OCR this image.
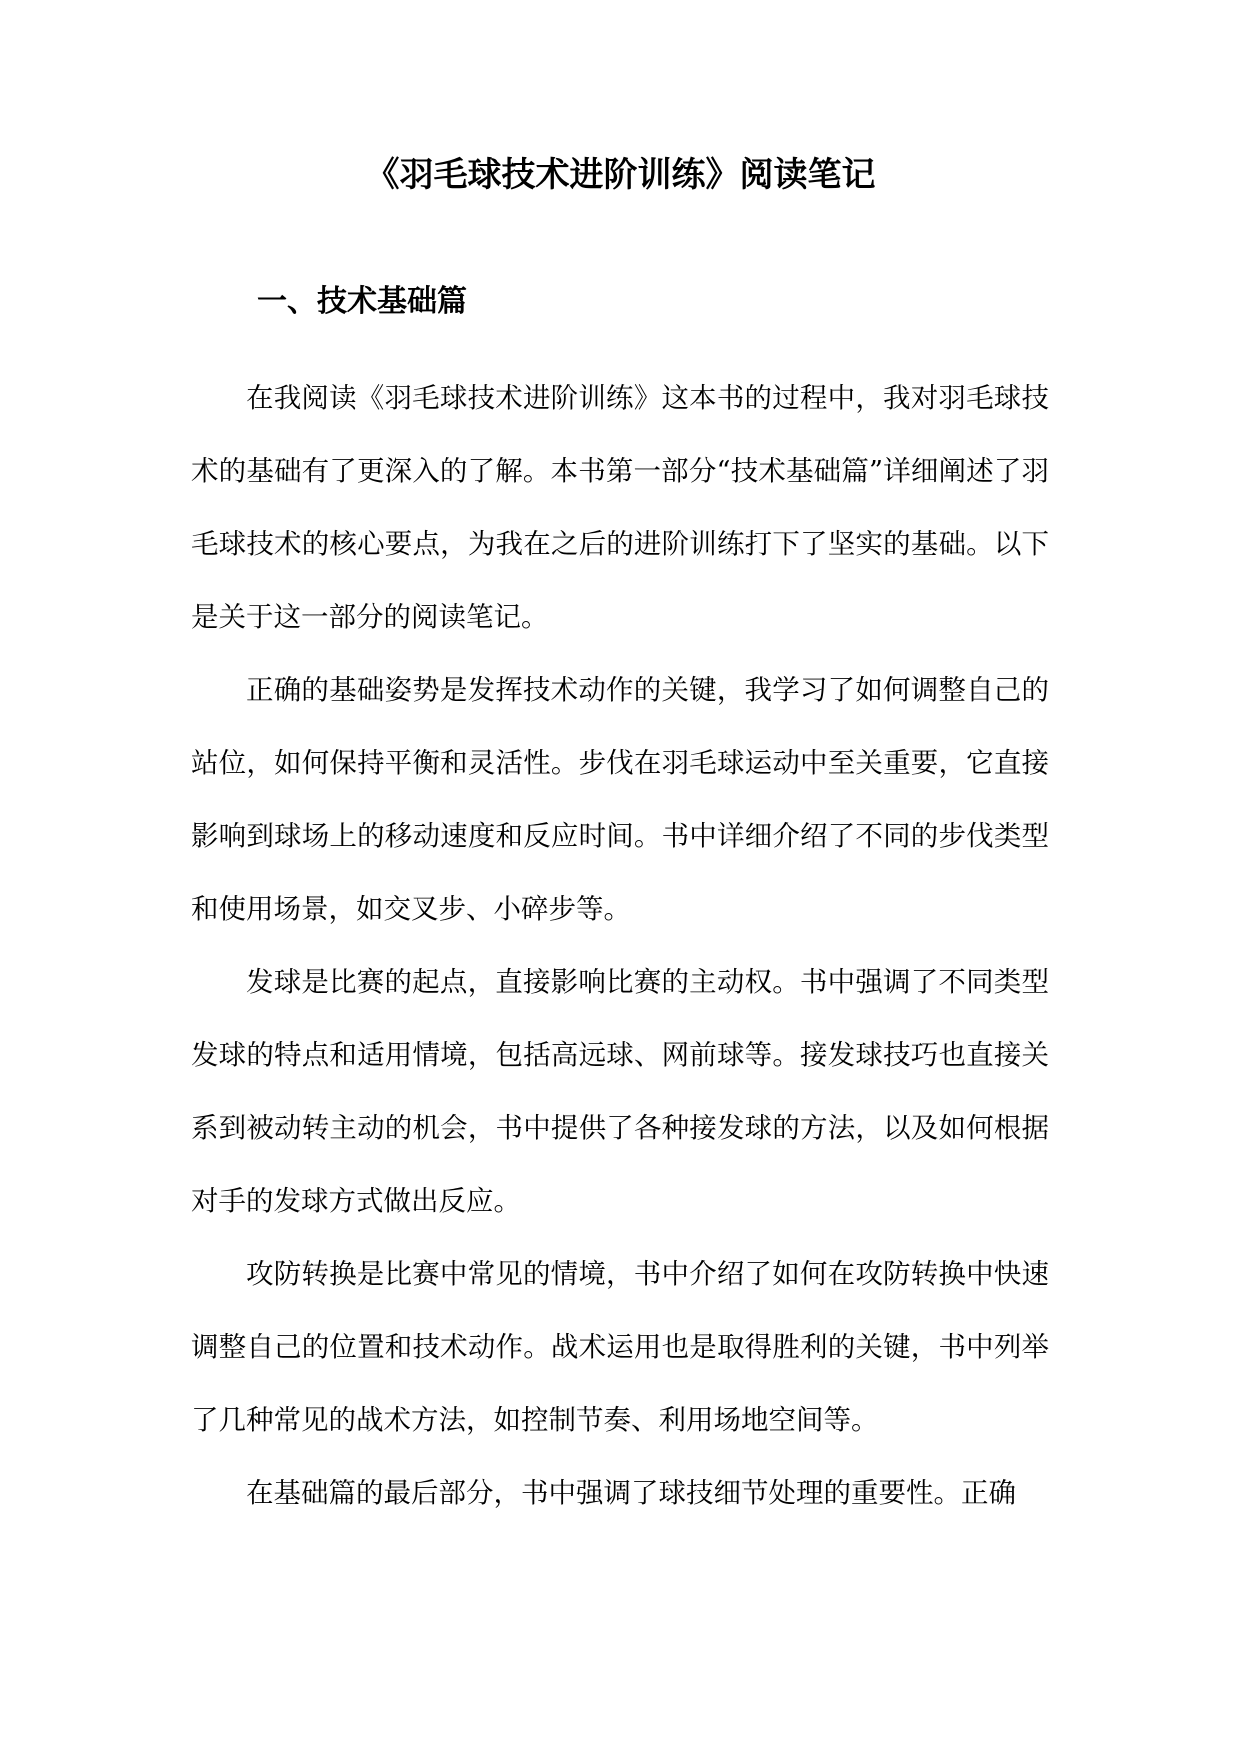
《羽毛球技术进阶训练》阅读笔记
一、技术基础篇

在我阅读《羽毛球技术进阶训练》这本书的过程中，我对羽毛球技术的基础有了更深入的了解。本书第一部分“技术基础篇”详细阐述了羽毛球技术的核心要点，为我在之后的进阶训练打下了坚实的基础。以下是关于这一部分的阅读笔记。

正确的基础姿势是发挥技术动作的关键，我学习了如何调整自己的站位，如何保持平衡和灵活性。步伐在羽毛球运动中至关重要，它直接影响到球场上的移动速度和反应时间。书中详细介绍了不同的步伐类型和使用场景，如交叉步、小碎步等。

发球是比赛的起点，直接影响比赛的主动权。书中强调了不同类型发球的特点和适用情境，包括高远球、网前球等。接发球技巧也直接关系到被动转主动的机会，书中提供了各种接发球的方法，以及如何根据对手的发球方式做出反应。

攻防转换是比赛中常见的情境，书中介绍了如何在攻防转换中快速调整自己的位置和技术动作。战术运用也是取得胜利的关键，书中列举了几种常见的战术方法，如控制节奏、利用场地空间等。

在基础篇的最后部分，书中强调了球技细节处理的重要性。正确
